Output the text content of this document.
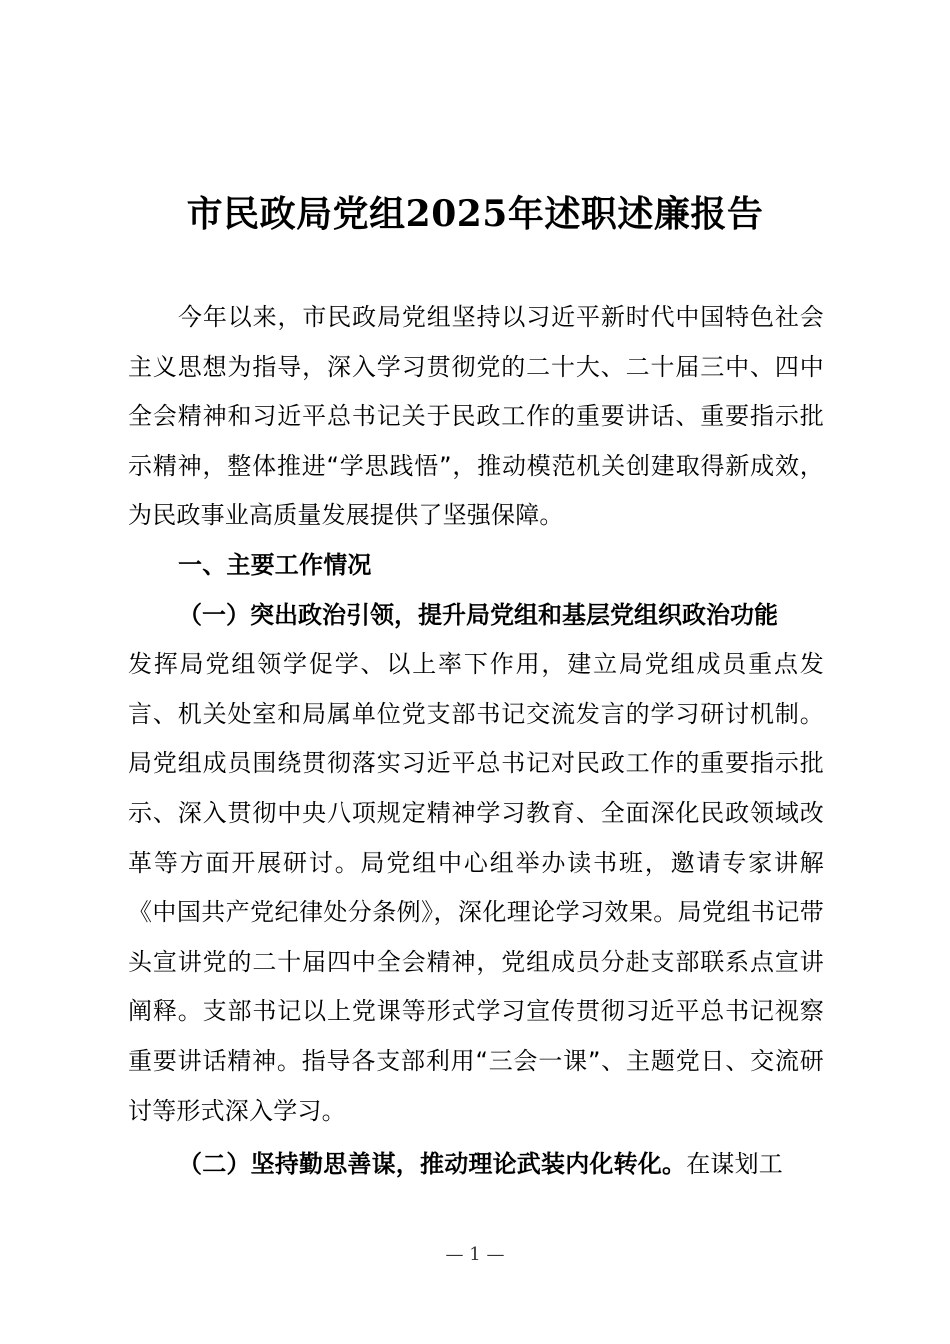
市民政局党组2025年述职述廉报告

今年以来，市民政局党组坚持以习近平新时代中国特色社会主义思想为指导，深入学习贯彻党的二十大、二十届三中、四中全会精神和习近平总书记关于民政工作的重要讲话、重要指示批示精神，整体推进“学思践悟”，推动模范机关创建取得新成效，为民政事业高质量发展提供了坚强保障。

一、主要工作情况

（一）突出政治引领，提升局党组和基层党组织政治功能

发挥局党组领学促学、以上率下作用，建立局党组成员重点发言、机关处室和局属单位党支部书记交流发言的学习研讨机制。局党组成员围绕贯彻落实习近平总书记对民政工作的重要指示批示、深入贯彻中央八项规定精神学习教育、全面深化民政领域改革等方面开展研讨。局党组中心组举办读书班，邀请专家讲解《中国共产党纪律处分条例》，深化理论学习效果。局党组书记带头宣讲党的二十届四中全会精神，党组成员分赴支部联系点宣讲阐释。支部书记以上党课等形式学习宣传贯彻习近平总书记视察重要讲话精神。指导各支部利用“三会一课”、主题党日、交流研讨等形式深入学习。

（二）坚持勤思善谋，推动理论武装内化转化。在谋划工

— 1 —
